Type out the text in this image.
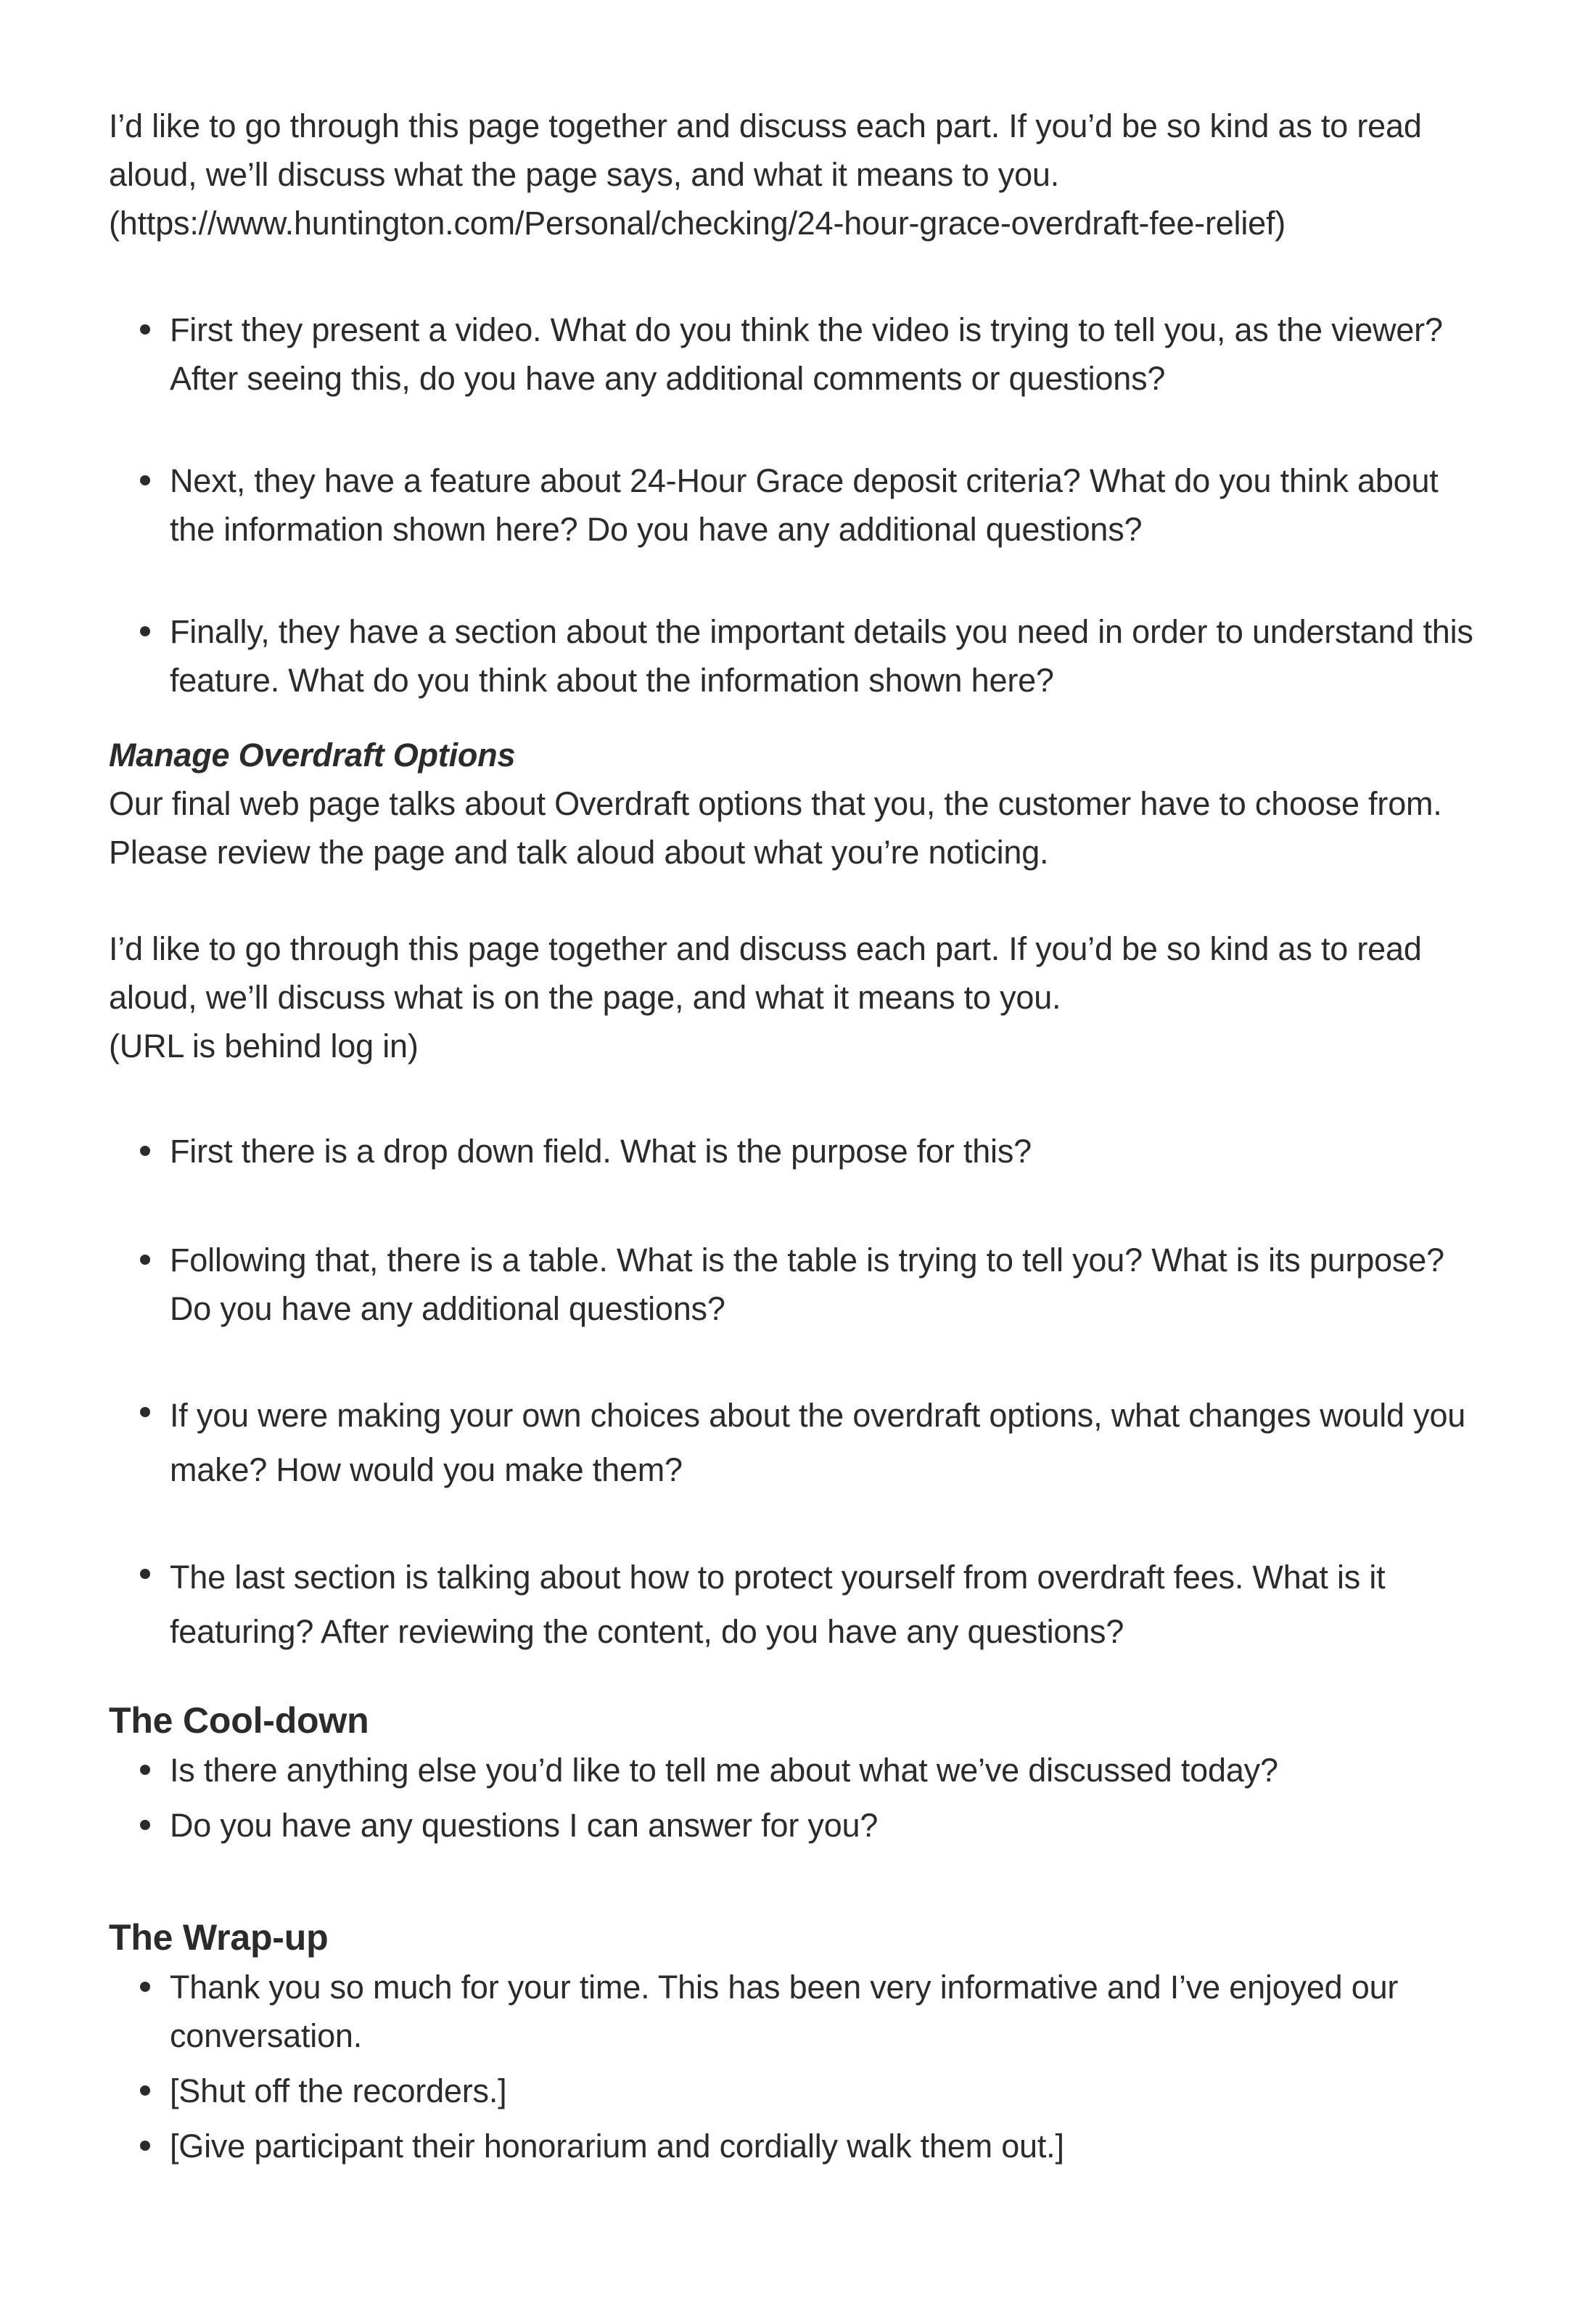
I’d like to go through this page together and discuss each part. If you’d be so kind as to read aloud, we’ll discuss what the page says, and what it means to you.

(https://www.huntington.com/Personal/checking/24-hour-grace-overdraft-fee-relief)

First they present a video. What do you think the video is trying to tell you, as the viewer? After seeing this, do you have any additional comments or questions?
Next, they have a feature about 24-Hour Grace deposit criteria? What do you think about the information shown here? Do you have any additional questions?
Finally, they have a section about the important details you need in order to understand this feature. What do you think about the information shown here?

Manage Overdraft Options

Our final web page talks about Overdraft options that you, the customer have to choose from. Please review the page and talk aloud about what you’re noticing.

I’d like to go through this page together and discuss each part. If you’d be so kind as to read aloud, we’ll discuss what is on the page, and what it means to you.

(URL is behind log in)

First there is a drop down field. What is the purpose for this?
Following that, there is a table. What is the table is trying to tell you? What is its purpose? Do you have any additional questions?
If you were making your own choices about the overdraft options, what changes would you make? How would you make them?
The last section is talking about how to protect yourself from overdraft fees. What is it featuring? After reviewing the content, do you have any questions?
The Cool-down
Is there anything else you’d like to tell me about what we’ve discussed today?
Do you have any questions I can answer for you?
The Wrap-up
Thank you so much for your time. This has been very informative and I’ve enjoyed our conversation.
[Shut off the recorders.]
[Give participant their honorarium and cordially walk them out.]
